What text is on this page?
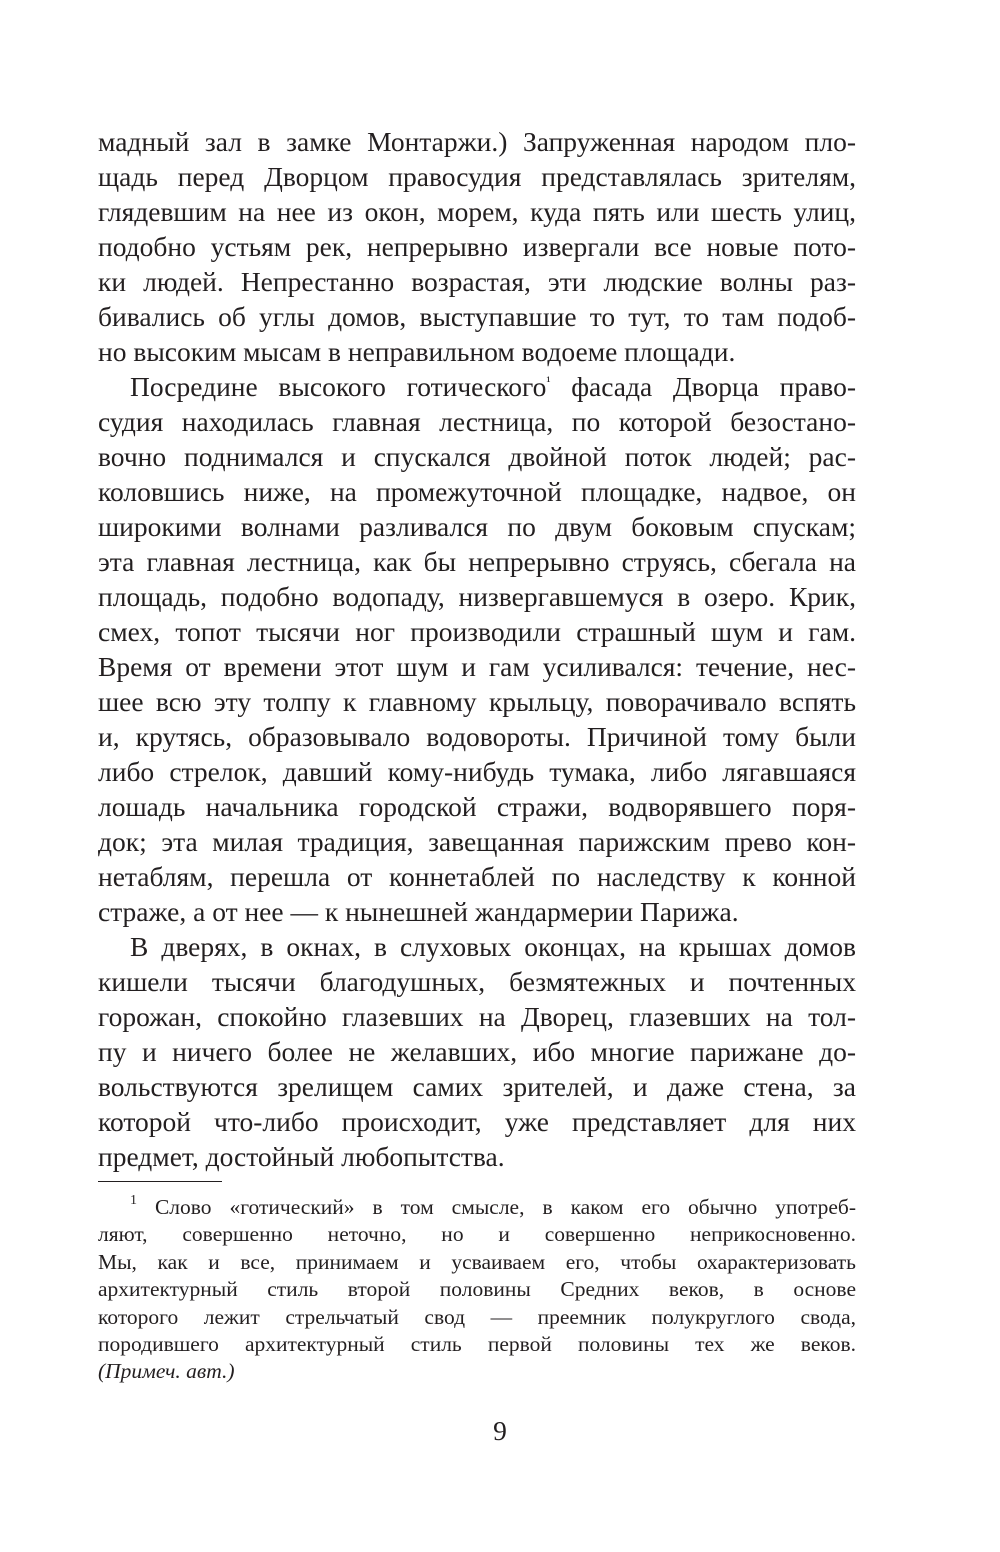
мадный зал в замке Монтаржи.) Запруженная народом пло-
щадь перед Дворцом правосудия представлялась зрителям,
глядевшим на нее из окон, морем, куда пять или шесть улиц,
подобно устьям рек, непрерывно извергали все новые пото-
ки людей. Непрестанно возрастая, эти людские волны раз-
бивались об углы домов, выступавшие то тут, то там подоб-
но высоким мысам в неправильном водоеме площади.
Посредине высокого готического$^{^1}$ фасада Дворца право-
судия находилась главная лестница, по которой безостано-
вочно поднимался и спускался двойной поток людей; рас-
коловшись ниже, на промежуточной площадке, надвое, он
широкими волнами разливался по двум боковым спускам;
эта главная лестница, как бы непрерывно струясь, сбегала на
площадь, подобно водопаду, низвергавшемуся в озеро. Крик,
смех, топот тысячи ног производили страшный шум и гам.
Время от времени этот шум и гам усиливался: течение, нес-
шее всю эту толпу к главному крыльцу, поворачивало вспять
и, крутясь, образовывало водовороты. Причиной тому были
либо стрелок, давший кому-нибудь тумака, либо лягавшаяся
лошадь начальника городской стражи, водворявшего поря-
док; эта милая традиция, завещанная парижским прево кон-
нетаблям, перешла от коннетаблей по наследству к конной
страже, а от нее — к нынешней жандармерии Парижа.
В дверях, в окнах, в слуховых оконцах, на крышах домов
кишели тысячи благодушных, безмятежных и почтенных
горожан, спокойно глазевших на Дворец, глазевших на тол-
пу и ничего более не желавших, ибо многие парижане до-
вольствуются зрелищем самих зрителей, и даже стена, за
которой что-либо происходит, уже представляет для них
предмет, достойный любопытства.
$^1$ Слово «готический» в том смысле, в каком его обычно употреб-
ляют, совершенно неточно, но и совершенно неприкосновенно.
Мы, как и все, принимаем и усваиваем его, чтобы охарактеризовать
архитектурный стиль второй половины Средних веков, в основе
которого лежит стрельчатый свод — преемник полукруглого свода,
породившего архитектурный стиль первой половины тех же веков.
(Примеч. авт.)
9
